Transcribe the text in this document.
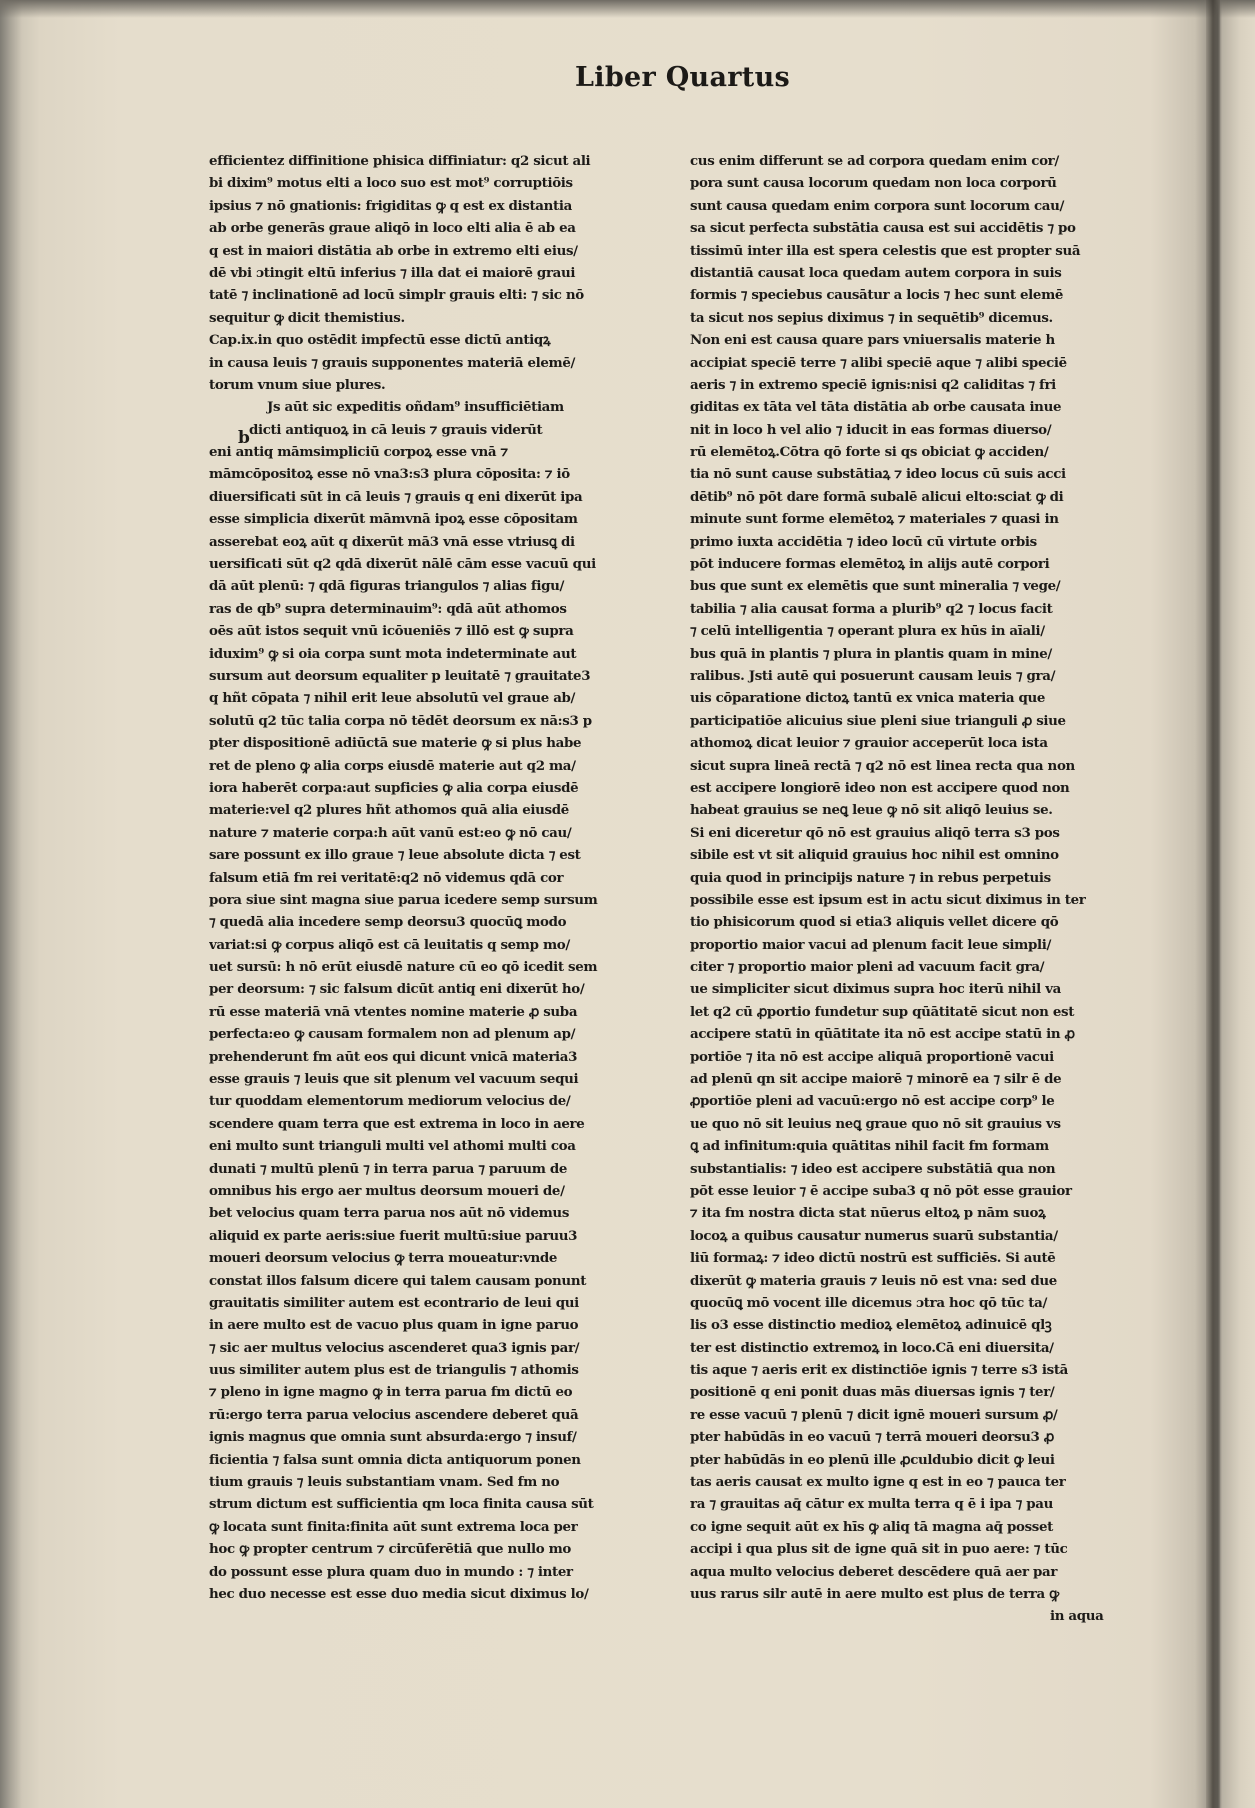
Liber Quartus
b
efficientez diffinitione phisica diffiniatur: q2 sicut ali
bi dixim⁹ motus elti a loco suo est mot⁹ corruptiōis
ipsius ⁊ nō gnationis: frigiditas ꝙ q est ex distantia
ab orbe generās graue aliqō in loco elti alia ē ab ea
q est in maiori distātia ab orbe in extremo elti eius/
dē vbi ɔtingit eltū inferius ⁊ illa dat ei maiorē graui
tatē ⁊ inclinationē ad locū simplr grauis elti: ⁊ sic nō
sequitur ꝙ dicit themistius.
Cap.ix.in quo ostēdit impfectū esse dictū antiqꝝ
in causa leuis ⁊ grauis supponentes materiā elemē/
torum vnum siue plures.
Js aūt sic expeditis oñdam⁹ insufficiētiam
dicti antiquoꝝ in cā leuis ⁊ grauis viderūt
eni antiq māmsimpliciū corpoꝝ esse vnā ⁊
māmcōpositoꝝ esse nō vna3:s3 plura cōposita: ⁊ iō
diuersificati sūt in cā leuis ⁊ grauis q eni dixerūt ipa
esse simplicia dixerūt māmvnā ipoꝝ esse cōpositam
asserebat eoꝝ aūt q dixerūt mā3 vnā esse vtriusꝗ di
uersificati sūt q2 qdā dixerūt nālē cām esse vacuū qui
dā aūt plenū: ⁊ qdā figuras triangulos ⁊ alias figu/
ras de qb⁹ supra determinauim⁹: qdā aūt athomos
oēs aūt istos sequit vnū icōueniēs ⁊ illō est ꝙ supra
iduxim⁹ ꝙ si oia corpa sunt mota indeterminate aut
sursum aut deorsum equaliter p leuitatē ⁊ grauitate3
q hñt cōpata ⁊ nihil erit leue absolutū vel graue ab/
solutū q2 tūc talia corpa nō tēdēt deorsum ex nā:s3 p
pter dispositionē adiūctā sue materie ꝙ si plus habe
ret de pleno ꝙ alia corps eiusdē materie aut q2 ma/
iora haberēt corpa:aut supficies ꝙ alia corpa eiusdē
materie:vel q2 plures hñt athomos quā alia eiusdē
nature ⁊ materie corpa:h aūt vanū est:eo ꝙ nō cau/
sare possunt ex illo graue ⁊ leue absolute dicta ⁊ est
falsum etiā fm rei veritatē:q2 nō videmus qdā cor
pora siue sint magna siue parua icedere semp sursum
⁊ quedā alia incedere semp deorsu3 quocūꝗ modo
variat:si ꝙ corpus aliqō est cā leuitatis q semp mo/
uet sursū: h nō erūt eiusdē nature cū eo qō icedit sem
per deorsum: ⁊ sic falsum dicūt antiq eni dixerūt ho/
rū esse materiā vnā vtentes nomine materie ꝓ suba
perfecta:eo ꝙ causam formalem non ad plenum ap/
prehenderunt fm aūt eos qui dicunt vnicā materia3
esse grauis ⁊ leuis que sit plenum vel vacuum sequi
tur quoddam elementorum mediorum velocius de/
scendere quam terra que est extrema in loco in aere
eni multo sunt trianguli multi vel athomi multi coa
dunati ⁊ multū plenū ⁊ in terra parua ⁊ paruum de
omnibus his ergo aer multus deorsum moueri de/
bet velocius quam terra parua nos aūt nō videmus
aliquid ex parte aeris:siue fuerit multū:siue paruu3
moueri deorsum velocius ꝙ terra moueatur:vnde
constat illos falsum dicere qui talem causam ponunt
grauitatis similiter autem est econtrario de leui qui
in aere multo est de vacuo plus quam in igne paruo
⁊ sic aer multus velocius ascenderet qua3 ignis par/
uus similiter autem plus est de triangulis ⁊ athomis
⁊ pleno in igne magno ꝙ in terra parua fm dictū eo
rū:ergo terra parua velocius ascendere deberet quā
ignis magnus que omnia sunt absurda:ergo ⁊ insuf/
ficientia ⁊ falsa sunt omnia dicta antiquorum ponen
tium grauis ⁊ leuis substantiam vnam. Sed fm no
strum dictum est sufficientia qm loca finita causa sūt
ꝙ locata sunt finita:finita aūt sunt extrema loca per
hoc ꝙ propter centrum ⁊ circūferētiā que nullo mo
do possunt esse plura quam duo in mundo : ⁊ inter
hec duo necesse est esse duo media sicut diximus lo/
cus enim differunt se ad corpora quedam enim cor/
pora sunt causa locorum quedam non loca corporū
sunt causa quedam enim corpora sunt locorum cau/
sa sicut perfecta substātia causa est sui accidētis ⁊ po
tissimū inter illa est spera celestis que est propter suā
distantiā causat loca quedam autem corpora in suis
formis ⁊ speciebus causātur a locis ⁊ hec sunt elemē
ta sicut nos sepius diximus ⁊ in sequētib⁹ dicemus.
Non eni est causa quare pars vniuersalis materie h
accipiat speciē terre ⁊ alibi speciē aque ⁊ alibi speciē
aeris ⁊ in extremo speciē ignis:nisi q2 caliditas ⁊ fri
giditas ex tāta vel tāta distātia ab orbe causata inue
nit in loco h vel alio ⁊ iducit in eas formas diuerso/
rū elemētoꝝ.Cōtra qō forte si qs obiciat ꝙ acciden/
tia nō sunt cause substātiaꝝ ⁊ ideo locus cū suis acci
dētib⁹ nō pōt dare formā subalē alicui elto:sciat ꝙ di
minute sunt forme elemētoꝝ ⁊ materiales ⁊ quasi in
primo iuxta accidētia ⁊ ideo locū cū virtute orbis
pōt inducere formas elemētoꝝ in alijs autē corpori
bus que sunt ex elemētis que sunt mineralia ⁊ vege/
tabilia ⁊ alia causat forma a plurib⁹ q2 ⁊ locus facit
⁊ celū intelligentia ⁊ operant plura ex hūs in aīali/
bus quā in plantis ⁊ plura in plantis quam in mine/
ralibus. Jsti autē qui posuerunt causam leuis ⁊ gra/
uis cōparatione dictoꝝ tantū ex vnica materia que
participatiōe alicuius siue pleni siue trianguli ꝓ siue
athomoꝝ dicat leuior ⁊ grauior acceperūt loca ista
sicut supra lineā rectā ⁊ q2 nō est linea recta qua non
est accipere longiorē ideo non est accipere quod non
habeat grauius se neꝗ leue ꝙ nō sit aliqō leuius se.
Si eni diceretur qō nō est grauius aliqō terra s3 pos
sibile est vt sit aliquid grauius hoc nihil est omnino
quia quod in principijs nature ⁊ in rebus perpetuis
possibile esse est ipsum est in actu sicut diximus in ter
tio phisicorum quod si etia3 aliquis vellet dicere qō
proportio maior vacui ad plenum facit leue simpli/
citer ⁊ proportio maior pleni ad vacuum facit gra/
ue simpliciter sicut diximus supra hoc iterū nihil va
let q2 cū ꝓportio fundetur sup qūātitatē sicut non est
accipere statū in qūātitate ita nō est accipe statū in ꝓ
portiōe ⁊ ita nō est accipe aliquā proportionē vacui
ad plenū qn sit accipe maiorē ⁊ minorē ea ⁊ silr ē de
ꝓportiōe pleni ad vacuū:ergo nō est accipe corp⁹ le
ue quo nō sit leuius neꝗ graue quo nō sit grauius vs
ꝗ ad infinitum:quia quātitas nihil facit fm formam
substantialis: ⁊ ideo est accipere substātiā qua non
pōt esse leuior ⁊ ē accipe suba3 q nō pōt esse grauior
⁊ ita fm nostra dicta stat nūerus eltoꝝ p nām suoꝝ
locoꝝ a quibus causatur numerus suarū substantia/
liū formaꝝ: ⁊ ideo dictū nostrū est sufficiēs. Si autē
dixerūt ꝙ materia grauis ⁊ leuis nō est vna: sed due
quocūꝗ mō vocent ille dicemus ɔtra hoc qō tūc ta/
lis o3 esse distinctio medioꝝ elemētoꝝ adinuicē qlꝫ
ter est distinctio extremoꝝ in loco.Cā eni diuersita/
tis aque ⁊ aeris erit ex distinctiōe ignis ⁊ terre s3 istā
positionē q eni ponit duas mās diuersas ignis ⁊ ter/
re esse vacuū ⁊ plenū ⁊ dicit ignē moueri sursum ꝓ/
pter habūdās in eo vacuū ⁊ terrā moueri deorsu3 ꝓ
pter habūdās in eo plenū ille ꝓculdubio dicit ꝙ leui
tas aeris causat ex multo igne q est in eo ⁊ pauca ter
ra ⁊ grauitas aq̄ cātur ex multa terra q ē i ipa ⁊ pau
co igne sequit aūt ex hīs ꝙ aliq tā magna aq̄ posset
accipi i qua plus sit de igne quā sit in puo aere: ⁊ tūc
aqua multo velocius deberet descēdere quā aer par
uus rarus silr autē in aere multo est plus de terra ꝙ
in aqua
